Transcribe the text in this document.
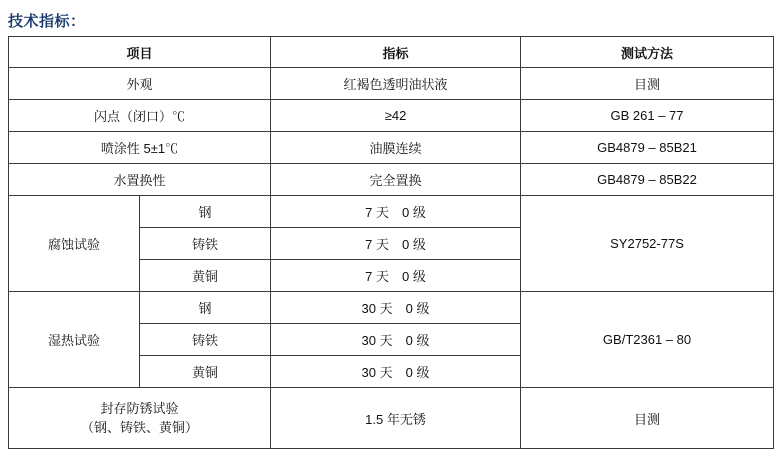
技术指标：
项目		指标	测试方法
外观		红褐色透明油状液	目测
闪点（闭口）℃		≥42	GB 261 – 77
喷涂性 5±1℃		油膜连续	GB4879 – 85B21
水置换性		完全置换	GB4879 – 85B22
腐蚀试验	钢	7 天　0 级	SY2752-77S
	铸铁	7 天　0 级	
	黄铜	7 天　0 级	
湿热试验	钢	30 天　0 级	GB/T2361 – 80
	铸铁	30 天　0 级	
	黄铜	30 天　0 级	

封存防锈试验
（钢、铸铁、黄铜）		1.5 年无锈	目测
